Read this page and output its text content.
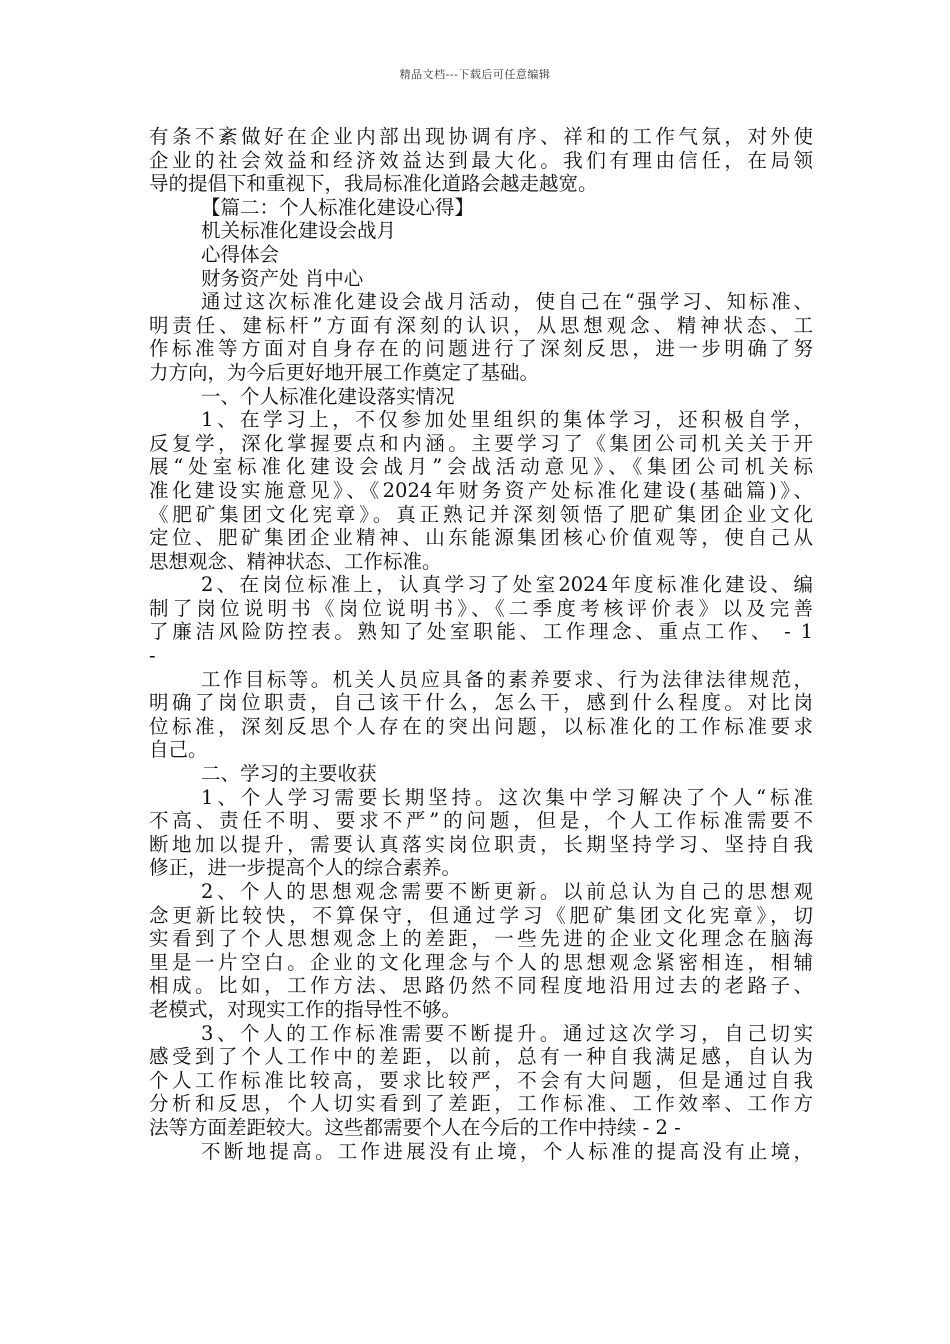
精品文档---下载后可任意编辑
有条不紊做好在企业内部出现协调有序、祥和的工作气氛，对外使
企业的社会效益和经济效益达到最大化。我们有理由信任，在局领
导的提倡下和重视下，我局标准化道路会越走越宽。
【篇二：个人标准化建设心得】
机关标准化建设会战月
心得体会
财务资产处 肖中心
通过这次标准化建设会战月活动，使自己在“强学习、知标准、
明责任、建标杆”方面有深刻的认识，从思想观念、精神状态、工
作标准等方面对自身存在的问题进行了深刻反思，进一步明确了努
力方向，为今后更好地开展工作奠定了基础。
一、个人标准化建设落实情况
1、在学习上，不仅参加处里组织的集体学习，还积极自学，
反复学，深化掌握要点和内涵。主要学习了《集团公司机关关于开
展“处室标准化建设会战月”会战活动意见》、《集团公司机关标
准化建设实施意见》、《2024年财务资产处标准化建设(基础篇)》、
《肥矿集团文化宪章》。真正熟记并深刻领悟了肥矿集团企业文化
定位、肥矿集团企业精神、山东能源集团核心价值观等，使自己从
思想观念、精神状态、工作标准。
2、在岗位标准上，认真学习了处室2024年度标准化建设、编
制了岗位说明书《岗位说明书》、《二季度考核评价表》以及完善
了廉洁风险防控表。熟知了处室职能、工作理念、重点工作、 - 1
-
工作目标等。机关人员应具备的素养要求、行为法律法律规范，
明确了岗位职责，自己该干什么，怎么干，感到什么程度。对比岗
位标准，深刻反思个人存在的突出问题，以标准化的工作标准要求
自己。
二、学习的主要收获
1、个人学习需要长期坚持。这次集中学习解决了个人“标准
不高、责任不明、要求不严”的问题，但是，个人工作标准需要不
断地加以提升，需要认真落实岗位职责，长期坚持学习、坚持自我
修正，进一步提高个人的综合素养。
2、个人的思想观念需要不断更新。以前总认为自己的思想观
念更新比较快，不算保守，但通过学习《肥矿集团文化宪章》，切
实看到了个人思想观念上的差距，一些先进的企业文化理念在脑海
里是一片空白。企业的文化理念与个人的思想观念紧密相连，相辅
相成。比如，工作方法、思路仍然不同程度地沿用过去的老路子、
老模式，对现实工作的指导性不够。
3、个人的工作标准需要不断提升。通过这次学习，自己切实
感受到了个人工作中的差距，以前，总有一种自我满足感，自认为
个人工作标准比较高，要求比较严，不会有大问题，但是通过自我
分析和反思，个人切实看到了差距，工作标准、工作效率、工作方
法等方面差距较大。这些都需要个人在今后的工作中持续 - 2 -
不断地提高。工作进展没有止境，个人标准的提高没有止境，
